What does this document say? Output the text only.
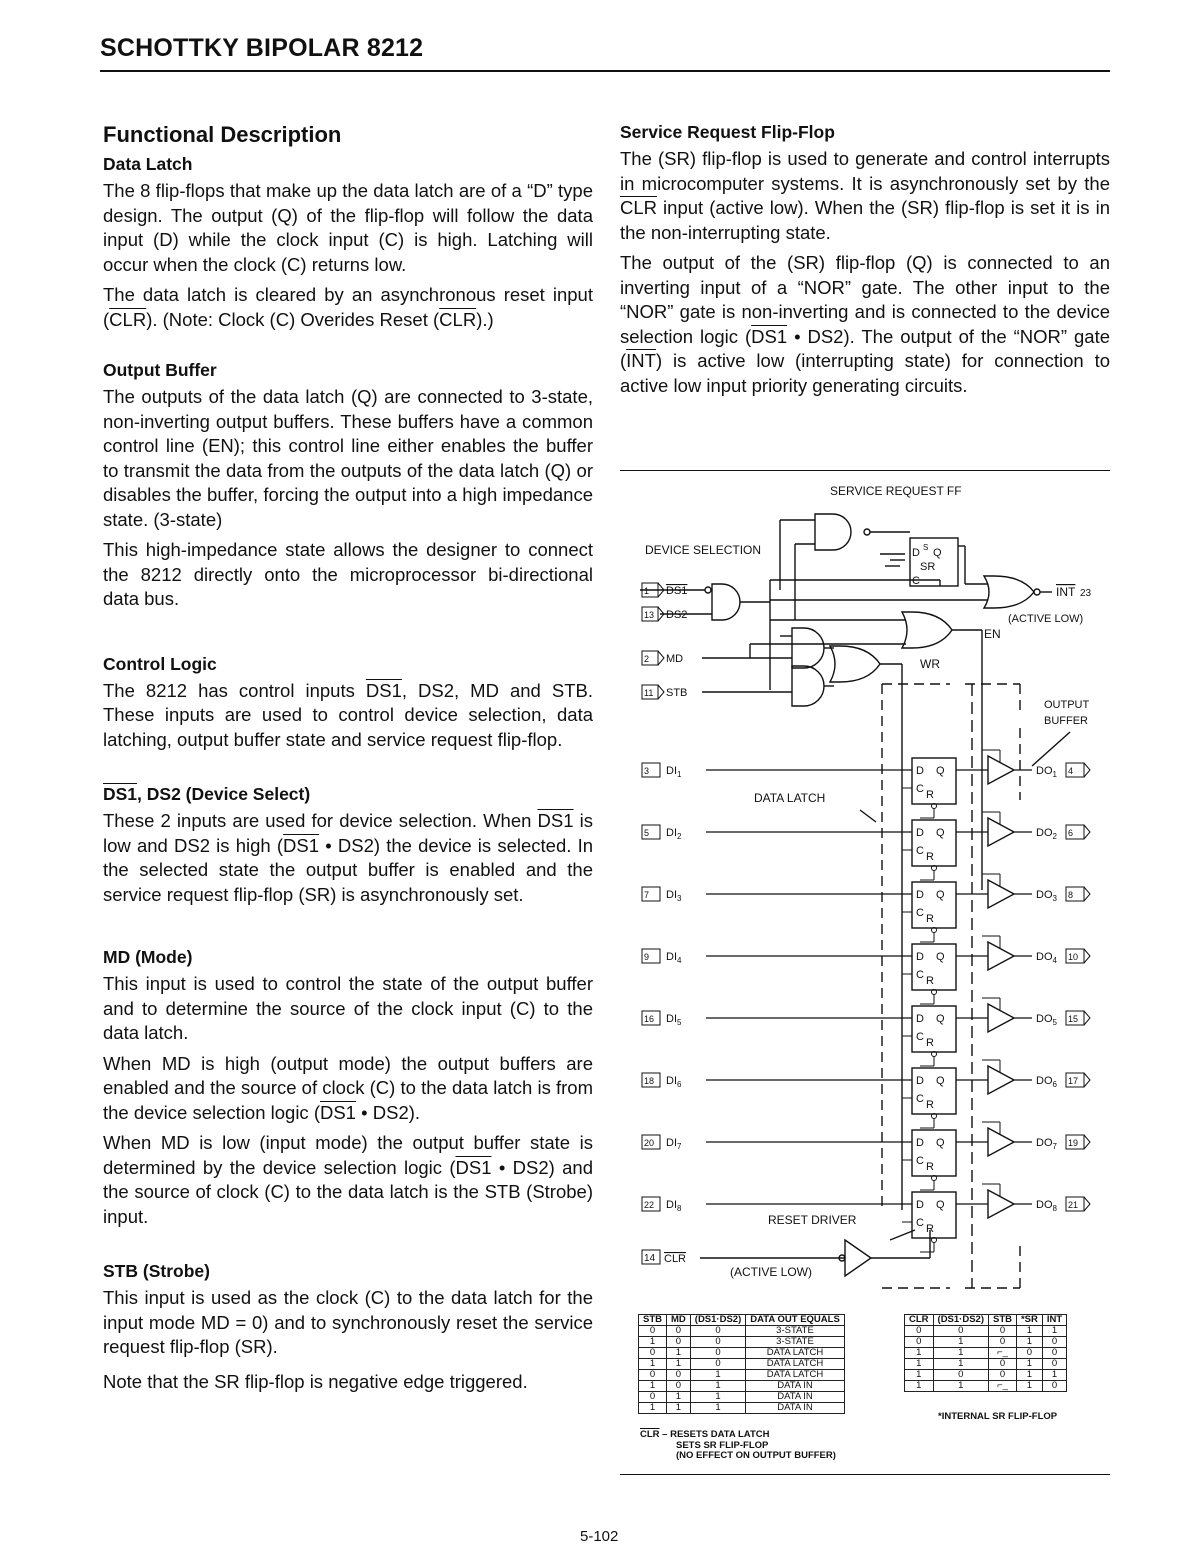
SCHOTTKY BIPOLAR 8212
Functional Description
Data Latch

The 8 flip-flops that make up the data latch are of a “D” type design. The output (Q) of the flip-flop will follow the data input (D) while the clock input (C) is high. Latching will occur when the clock (C) returns low.

The data latch is cleared by an asynchronous reset input $(\overline{CLR})$. (Note: Clock (C) Overides Reset $(\overline{CLR})$.)

Output Buffer

The outputs of the data latch (Q) are connected to 3-state, non-inverting output buffers. These buffers have a common control line (EN); this control line either enables the buffer to transmit the data from the outputs of the data latch (Q) or disables the buffer, forcing the output into a high impedance state. (3-state)

This high-impedance state allows the designer to connect the 8212 directly onto the microprocessor bi-directional data bus.

Control Logic

The 8212 has control inputs DS1, DS2, MD and STB. These inputs are used to control device selection, data latching, output buffer state and service request flip-flop.

DS1, DS2 (Device Select)

These 2 inputs are used for device selection. When DS1 is low and DS2 is high (DS1 • DS2) the device is selected. In the selected state the output buffer is enabled and the service request flip-flop (SR) is asynchronously set.

MD (Mode)

This input is used to control the state of the output buffer and to determine the source of the clock input (C) to the data latch.

When MD is high (output mode) the output buffers are enabled and the source of clock (C) to the data latch is from the device selection logic (DS1 • DS2).

When MD is low (input mode) the output buffer state is determined by the device selection logic (DS1 • DS2) and the source of clock (C) to the data latch is the STB (Strobe) input.

STB (Strobe)

This input is used as the clock (C) to the data latch for the input mode MD = 0) and to synchronously reset the service request flip-flop (SR).

Note that the SR flip-flop is negative edge triggered.

Service Request Flip-Flop

The (SR) flip-flop is used to generate and control interrupts in microcomputer systems. It is asynchronously set by the $\overline{CLR}$ input (active low). When the (SR) flip-flop is set it is in the non-interrupting state.

The output of the (SR) flip-flop (Q) is connected to an inverting input of a “NOR” gate. The other input to the “NOR” gate is non-inverting and is connected to the device selection logic (DS1 • DS2). The output of the “NOR” gate $(\overline{INT})$ is active low (interrupting state) for connection to active low input priority generating circuits.

SERVICE REQUEST FF
DEVICE SELECTION	D S Q
SR
C
INT 23
(ACTIVE LOW)
EN
WR
OUTPUT
BUFFER
DATA LATCH
RESET DRIVER
(ACTIVE LOW)
1 DS1
13 DS2
2 MD
11 STB
3 $DI_1$	D Q
C R
$DO_1$ 4
5 $DI_2$	D Q
C R
$DO_2$ 6
7 $DI_3$	D Q
C R
$DO_3$ 8
9 $DI_4$	D Q
C R
$DO_4$ 10
16 $DI_5$	D Q
C R
$DO_5$ 15
18 $DI_6$	D Q
C R
$DO_6$ 17
20 $DI_7$	D Q
C R
$DO_7$ 19
22 $DI_8$	D Q
C R
$DO_8$ 21
14 CLR
STB	MD	(DS1·DS2)	DATA OUT EQUALS
0	0	0	3-STATE
1	0	0	3-STATE
0	1	0	DATA LATCH
1	1	0	DATA LATCH
0	0	1	DATA LATCH
1	0	1	DATA IN
0	1	1	DATA IN
1	1	1	DATA IN
$\overline{CLR}$ – RESETS DATA LATCH
SETS SR FLIP-FLOP
(NO EFFECT ON OUTPUT BUFFER)
CLR	(DS1·DS2)	STB	*SR	INT
0	0	0	1	1
0	1	0	1	0
1	1	⌐_	0	0
1	1	0	1	0
1	0	0	1	1
1	1	⌐_	1	0
*INTERNAL SR FLIP-FLOP
5-102
